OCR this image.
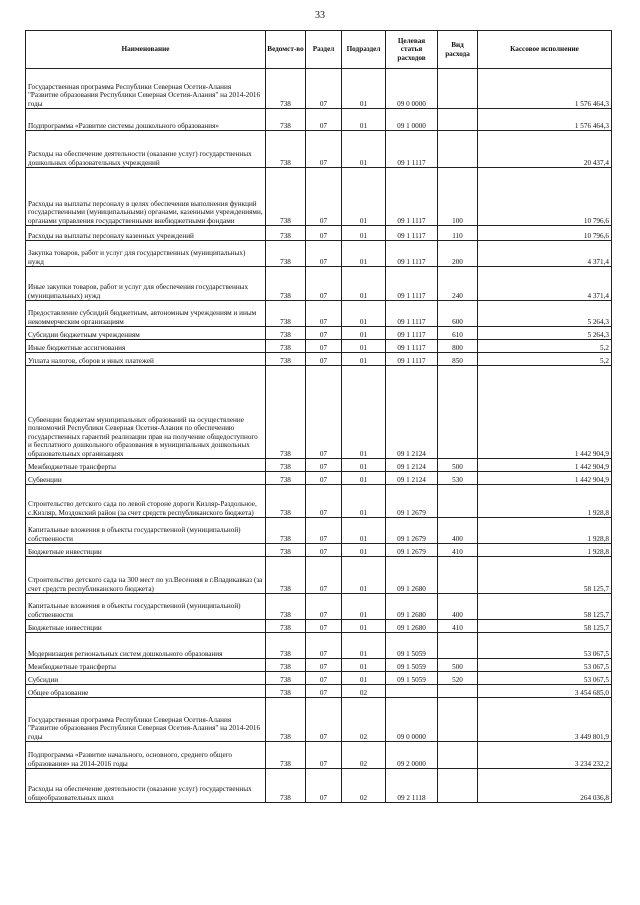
33
Наименование	Ведомст-во	Раздел	Подраздел	Целевая статья расходов	Вид расхода	Кассовое исполнение
Государственная программа Республики Северная Осетия-Алания "Развитие образования Республики Северная Осетия-Алания" на 2014-2016 годы	738	07	01	09 0 0000		1 576 464,3
Подпрограмма «Развитие системы дошкольного образования»	738	07	01	09 1 0000		1 576 464,3
Расходы на обеспечение деятельности (оказание услуг) государственных дошкольных образовательных учреждений	738	07	01	09 1 1117		20 437,4
Расходы на выплаты персоналу в целях обеспечения выполнения функций государственными (муниципальными) органами, казенными учреждениями, органами управления государственными внебюджетными фондами	738	07	01	09 1 1117	100	10 796,6
Расходы на выплаты персоналу казенных учреждений	738	07	01	09 1 1117	110	10 796,6
Закупка товаров, работ и услуг для государственных (муниципальных) нужд	738	07	01	09 1 1117	200	4 371,4
Иные закупки товаров, работ и услуг для обеспечения государственных (муниципальных) нужд	738	07	01	09 1 1117	240	4 371,4
Предоставление субсидий бюджетным, автономным учреждениям и иным некоммерческим организациям	738	07	01	09 1 1117	600	5 264,3
Субсидии бюджетным учреждениям	738	07	01	09 1 1117	610	5 264,3
Иные бюджетные ассигнования	738	07	01	09 1 1117	800	5,2
Уплата налогов, сборов и иных платежей	738	07	01	09 1 1117	850	5,2
Субвенции бюджетам муниципальных образований на осуществление полномочий Республики Северная Осетия-Алания по обеспечению государственных гарантий реализации прав на получение общедоступного и бесплатного дошкольного образования в муниципальных дошкольных образовательных организациях	738	07	01	09 1 2124		1 442 904,9
Межбюджетные трансферты	738	07	01	09 1 2124	500	1 442 904,9
Субвенции	738	07	01	09 1 2124	530	1 442 904,9
Строительство детского сада по левой стороне дороги Кизляр-Раздольное, с.Кизляр, Моздокский район (за счет средств республиканского бюджета)	738	07	01	09 1 2679		1 928,8
Капитальные вложения в объекты государственной (муниципальной) собственности	738	07	01	09 1 2679	400	1 928,8
Бюджетные инвестиции	738	07	01	09 1 2679	410	1 928,8
Строительство детского сада на 300 мест по ул.Весенняя в г.Владикавказ (за счет средств республиканского бюджета)	738	07	01	09 1 2680		58 125,7
Капитальные вложения в объекты государственной (муниципальной) собственности	738	07	01	09 1 2680	400	58 125,7
Бюджетные инвестиции	738	07	01	09 1 2680	410	58 125,7
Модернизация региональных систем дошкольного образования	738	07	01	09 1 5059		53 067,5
Межбюджетные трансферты	738	07	01	09 1 5059	500	53 067,5
Субсидии	738	07	01	09 1 5059	520	53 067,5
Общее образование	738	07	02			3 454 685,0
Государственная программа Республики Северная Осетия-Алания "Развитие образования Республики Северная Осетия-Алания" на 2014-2016 годы	738	07	02	09 0 0000		3 449 801,9
Подпрограмма «Развитие начального, основного, среднего общего образования» на 2014-2016 годы	738	07	02	09 2 0000		3 234 232,2
Расходы на обеспечение деятельности (оказание услуг) государственных общеобразовательных школ	738	07	02	09 2 1118		264 036,8
